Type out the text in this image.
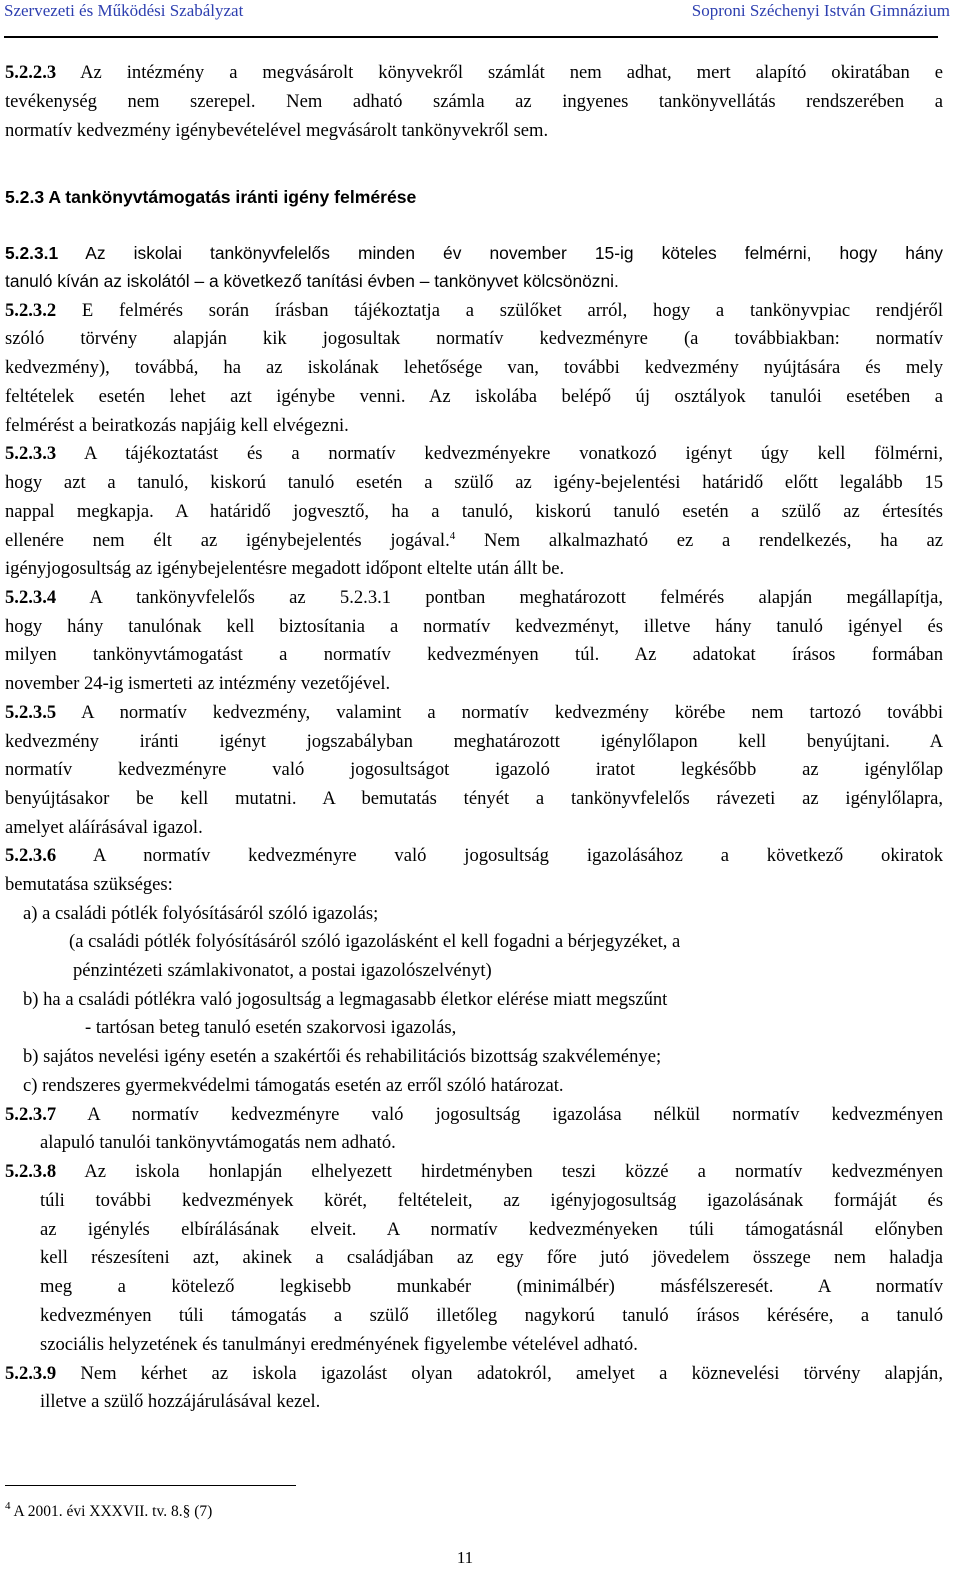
Szervezeti és Működési Szabályzat	Soproni Széchenyi István Gimnázium
5.2.2.3 Az intézmény a megvásárolt könyvekről számlát nem adhat, mert alapító okiratában e
tevékenység nem szerepel. Nem adható számla az ingyenes tankönyvellátás rendszerében a
normatív kedvezmény igénybevételével megvásárolt tankönyvekről sem.
5.2.3 A tankönyvtámogatás iránti igény felmérése
5.2.3.1 Az iskolai tankönyvfelelős minden év november 15-ig köteles felmérni, hogy hány
tanuló kíván az iskolától – a következő tanítási évben – tankönyvet kölcsönözni.
5.2.3.2 E felmérés során írásban tájékoztatja a szülőket arról, hogy a tankönyvpiac rendjéről
szóló törvény alapján kik jogosultak normatív kedvezményre (a továbbiakban: normatív
kedvezmény), továbbá, ha az iskolának lehetősége van, további kedvezmény nyújtására és mely
feltételek esetén lehet azt igénybe venni. Az iskolába belépő új osztályok tanulói esetében a
felmérést a beiratkozás napjáig kell elvégezni.
5.2.3.3 A tájékoztatást és a normatív kedvezményekre vonatkozó igényt úgy kell fölmérni,
hogy azt a tanuló, kiskorú tanuló esetén a szülő az igény-bejelentési határidő előtt legalább 15
nappal megkapja. A határidő jogvesztő, ha a tanuló, kiskorú tanuló esetén a szülő az értesítés
ellenére nem élt az igénybejelentés jogával.$^4$ Nem alkalmazható ez a rendelkezés, ha az
igényjogosultság az igénybejelentésre megadott időpont eltelte után állt be.
5.2.3.4 A tankönyvfelelős az 5.2.3.1 pontban meghatározott felmérés alapján megállapítja,
hogy hány tanulónak kell biztosítania a normatív kedvezményt, illetve hány tanuló igényel és
milyen tankönyvtámogatást a normatív kedvezményen túl. Az adatokat írásos formában
november 24-ig ismerteti az intézmény vezetőjével.
5.2.3.5 A normatív kedvezmény, valamint a normatív kedvezmény körébe nem tartozó további
kedvezmény iránti igényt jogszabályban meghatározott igénylőlapon kell benyújtani. A
normatív kedvezményre való jogosultságot igazoló iratot legkésőbb az igénylőlap
benyújtásakor be kell mutatni. A bemutatás tényét a tankönyvfelelős rávezeti az igénylőlapra,
amelyet aláírásával igazol.
5.2.3.6 A normatív kedvezményre való jogosultság igazolásához a következő okiratok
bemutatása szükséges:
a) a családi pótlék folyósításáról szóló igazolás;
(a családi pótlék folyósításáról szóló igazolásként el kell fogadni a bérjegyzéket, a
pénzintézeti számlakivonatot, a postai igazolószelvényt)
b) ha a családi pótlékra való jogosultság a legmagasabb életkor elérése miatt megszűnt
- tartósan beteg tanuló esetén szakorvosi igazolás,
b) sajátos nevelési igény esetén a szakértői és rehabilitációs bizottság szakvéleménye;
c) rendszeres gyermekvédelmi támogatás esetén az erről szóló határozat.
5.2.3.7 A normatív kedvezményre való jogosultság igazolása nélkül normatív kedvezményen
alapuló tanulói tankönyvtámogatás nem adható.
5.2.3.8 Az iskola honlapján elhelyezett hirdetményben teszi közzé a normatív kedvezményen
túli további kedvezmények körét, feltételeit, az igényjogosultság igazolásának formáját és
az igénylés elbírálásának elveit. A normatív kedvezményeken túli támogatásnál előnyben
kell részesíteni azt, akinek a családjában az egy főre jutó jövedelem összege nem haladja
meg a kötelező legkisebb munkabér (minimálbér) másfélszeresét. A normatív
kedvezményen túli támogatás a szülő illetőleg nagykorú tanuló írásos kérésére, a tanuló
szociális helyzetének és tanulmányi eredményének figyelembe vételével adható.
5.2.3.9 Nem kérhet az iskola igazolást olyan adatokról, amelyet a köznevelési törvény alapján,
illetve a szülő hozzájárulásával kezel.
$^4$ A 2001. évi XXXVII. tv. 8.§ (7)
11
